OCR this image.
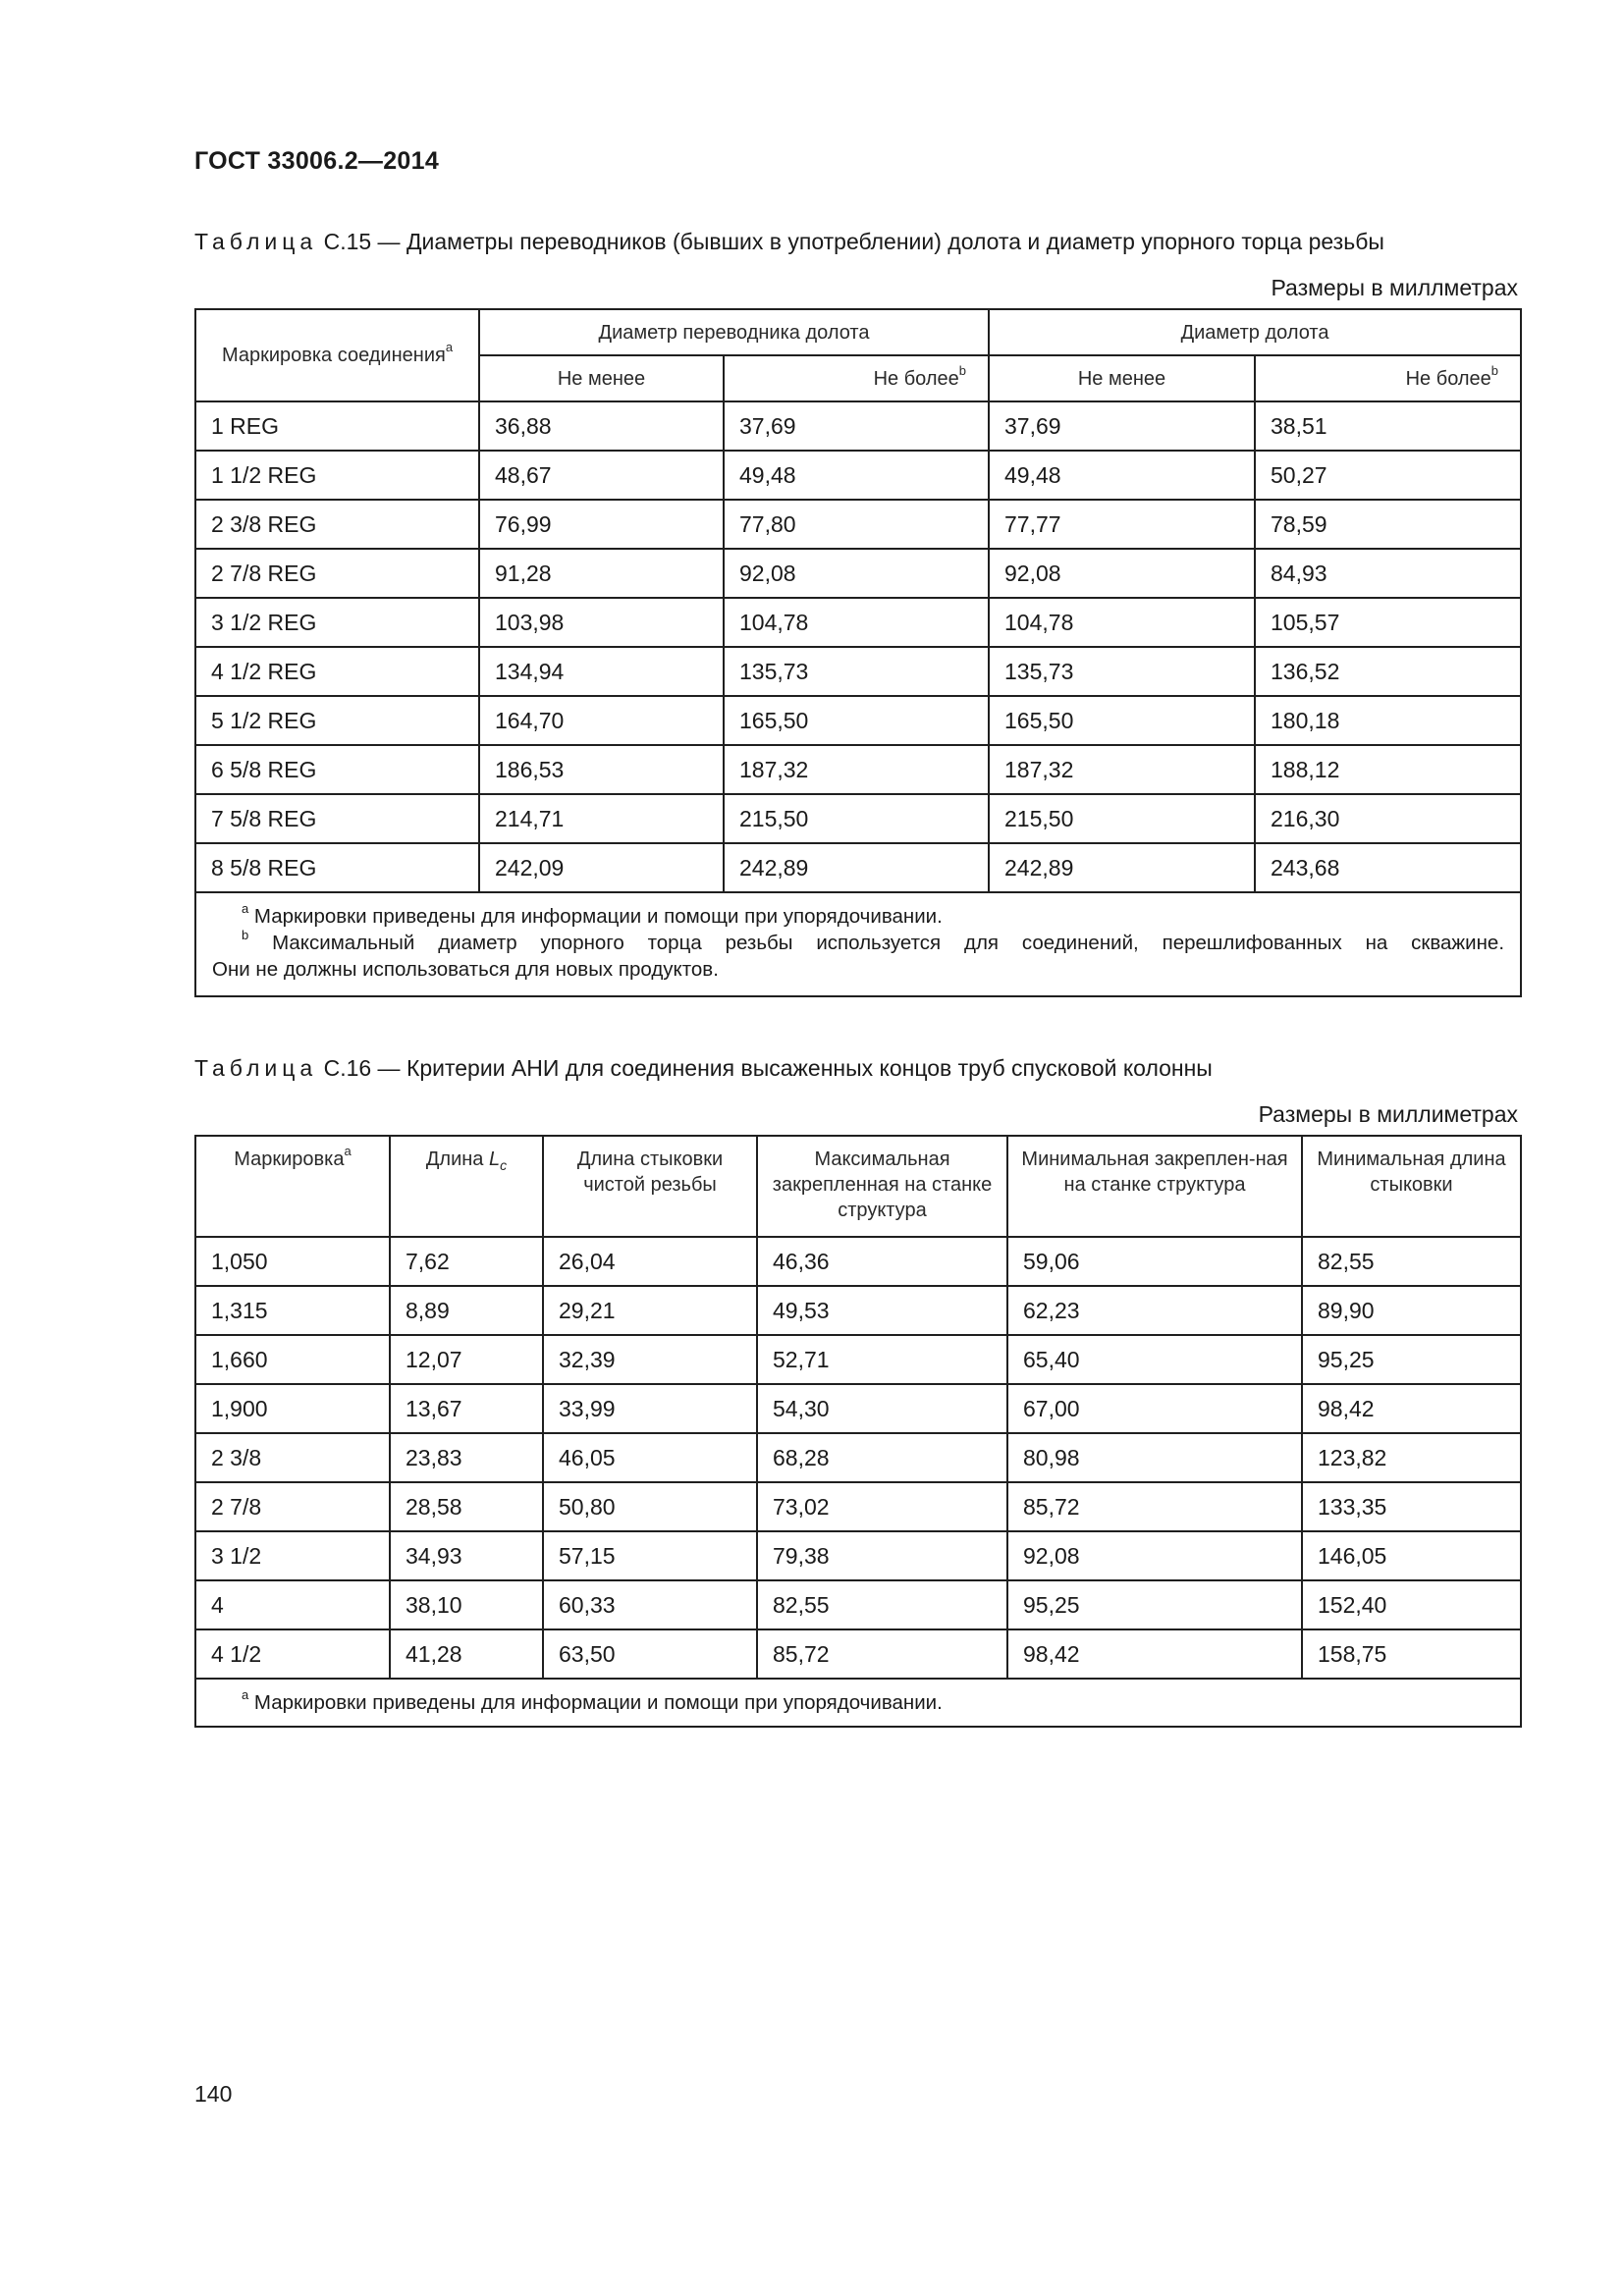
ГОСТ 33006.2—2014
Таблица С.15 — Диаметры переводников (бывших в употреблении) долота и диаметр упорного торца резьбы
Размеры в миллметрах
Маркировка соединения$^a$	Диаметр переводника долота		Диаметр долота	
	Не менее	Не более$^b$	Не менее	Не более$^b$
1 REG	36,88	37,69	37,69	38,51
1 1/2 REG	48,67	49,48	49,48	50,27
2 3/8 REG	76,99	77,80	77,77	78,59
2 7/8 REG	91,28	92,08	92,08	84,93
3 1/2 REG	103,98	104,78	104,78	105,57
4 1/2 REG	134,94	135,73	135,73	136,52
5 1/2 REG	164,70	165,50	165,50	180,18
6 5/8 REG	186,53	187,32	187,32	188,12
7 5/8 REG	214,71	215,50	215,50	216,30
8 5/8 REG	242,09	242,89	242,89	243,68

$^a$ Маркировки приведены для информации и помощи при упорядочивании.

$^b$ Максимальный диаметр упорного торца резьбы используется для соединений, перешлифованных на скважине.

Они не должны использоваться для новых продуктов.				

Таблица С.16 — Критерии АНИ для соединения высаженных концов труб спусковой колонны
Размеры в миллиметрах
Маркировка$^a$	Длина $L_c$	Длина стыковки чистой резьбы	Максимальная закрепленная на станке структура	Минимальная закреплен-ная на станке структура	Минимальная длина стыковки
1,050	7,62	26,04	46,36	59,06	82,55
1,315	8,89	29,21	49,53	62,23	89,90
1,660	12,07	32,39	52,71	65,40	95,25
1,900	13,67	33,99	54,30	67,00	98,42
2 3/8	23,83	46,05	68,28	80,98	123,82
2 7/8	28,58	50,80	73,02	85,72	133,35
3 1/2	34,93	57,15	79,38	92,08	146,05
4	38,10	60,33	82,55	95,25	152,40
4 1/2	41,28	63,50	85,72	98,42	158,75

$^a$ Маркировки приведены для информации и помощи при упорядочивании.					

140
